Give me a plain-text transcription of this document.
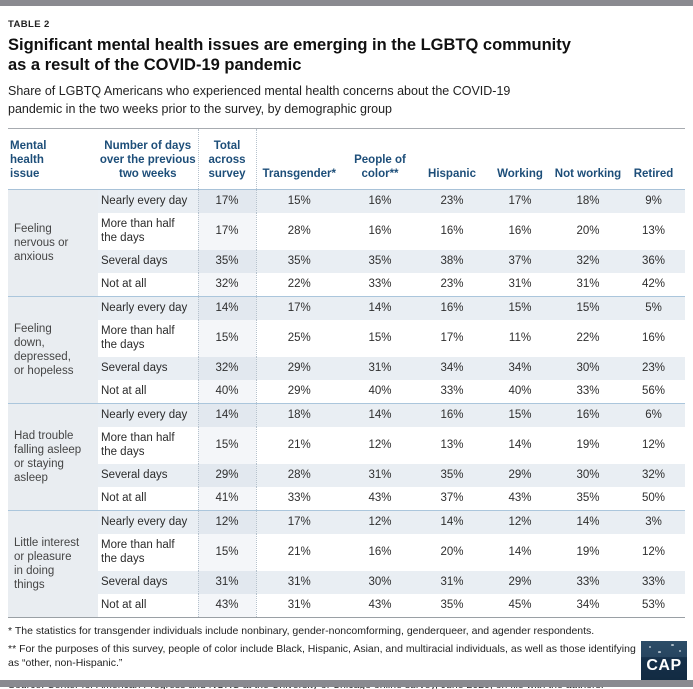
TABLE 2
Significant mental health issues are emerging in the LGBTQ community
as a result of the COVID-19 pandemic
Share of LGBTQ Americans who experienced mental health concerns about the COVID-19
pandemic in the two weeks prior to the survey, by demographic group
Mental health issue	Number of days over the previous two weeks	Total across survey	Transgender*	People of color**	Hispanic	Working	Not working	Retired
Feeling nervous or anxious	Nearly every day	17%	15%	16%	23%	17%	18%	9%
	More than half the days	17%	28%	16%	16%	16%	20%	13%
	Several days	35%	35%	35%	38%	37%	32%	36%
	Not at all	32%	22%	33%	23%	31%	31%	42%
Feeling down, depressed, or hopeless	Nearly every day	14%	17%	14%	16%	15%	15%	5%
	More than half the days	15%	25%	15%	17%	11%	22%	16%
	Several days	32%	29%	31%	34%	34%	30%	23%
	Not at all	40%	29%	40%	33%	40%	33%	56%
Had trouble falling asleep or staying asleep	Nearly every day	14%	18%	14%	16%	15%	16%	6%
	More than half the days	15%	21%	12%	13%	14%	19%	12%
	Several days	29%	28%	31%	35%	29%	30%	32%
	Not at all	41%	33%	43%	37%	43%	35%	50%
Little interest or pleasure in doing things	Nearly every day	12%	17%	12%	14%	12%	14%	3%
	More than half the days	15%	21%	16%	20%	14%	19%	12%
	Several days	31%	31%	30%	31%	29%	33%	33%
	Not at all	43%	31%	43%	35%	45%	34%	53%
* The statistics for transgender individuals include nonbinary, gender-noncomforming, genderqueer, and agender respondents.
** For the purposes of this survey, people of color include Black, Hispanic, Asian, and multiracial individuals, as well as those identifying as “other, non-Hispanic.”	CAP
